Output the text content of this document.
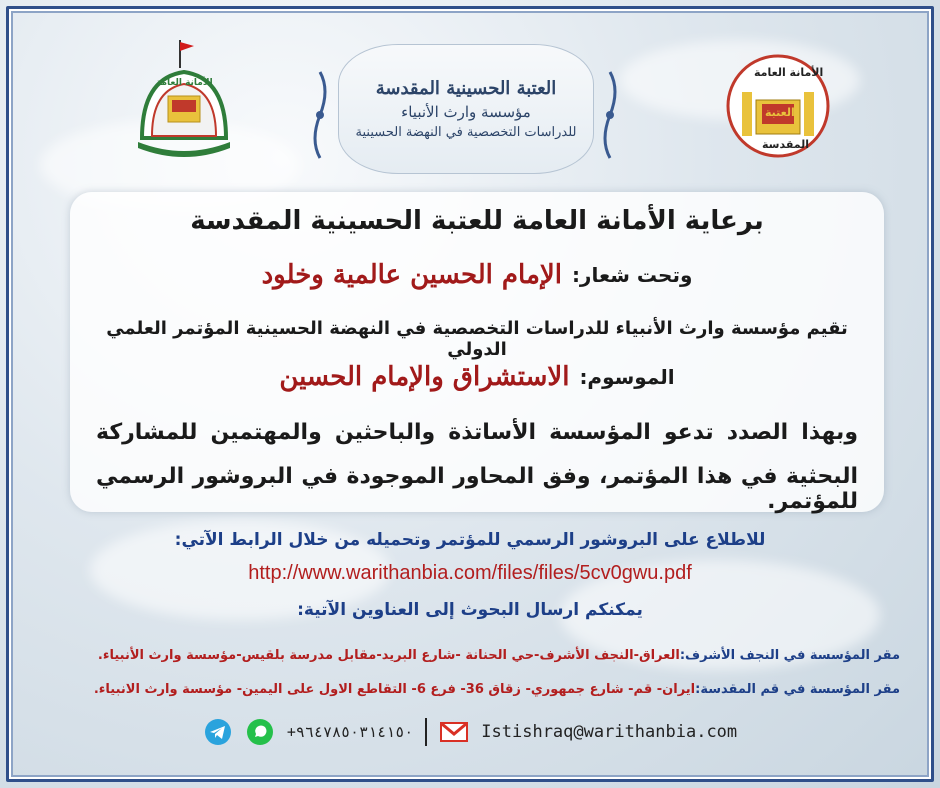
الأمانة العامة	العتبة الحسينية المقدسة
مؤسسة وارث الأنبياء
للدراسات التخصصية في النهضة الحسينية
الأمانة العامة
العتبة
المقدسة
برعاية الأمانة العامة للعتبة الحسينية المقدسة
وتحت شعار:
الإمام الحسين عالمية وخلود
تقيم مؤسسة وارث الأنبياء للدراسات التخصصية في النهضة الحسينية المؤتمر العلمي الدولي
الموسوم:
الاستشراق والإمام الحسين
وبهذا الصدد تدعو المؤسسة الأساتذة والباحثين والمهتمين للمشاركة
البحثية في هذا المؤتمر، وفق المحاور الموجودة في البروشور الرسمي للمؤتمر.
للاطلاع على البروشور الرسمي للمؤتمر وتحميله من خلال الرابط الآتي:
http://www.warithanbia.com/files/files/5cv0gwu.pdf
يمكنكم ارسال البحوث إلى العناوين الآتية:
مقر المؤسسة في النجف الأشرف:العراق-النجف الأشرف-حي الحنانة -شارع البريد-مقابل مدرسة بلقيس-مؤسسة وارث الأنبياء.
مقر المؤسسة في قم المقدسة:ايران- قم- شارع جمهوري- زقاق 36- فرع 6- التقاطع الاول على اليمين- مؤسسة وارث الانبياء.
+٩٦٤٧٨٥٠٣١٤١٥٠	Istishraq@warithanbia.com
